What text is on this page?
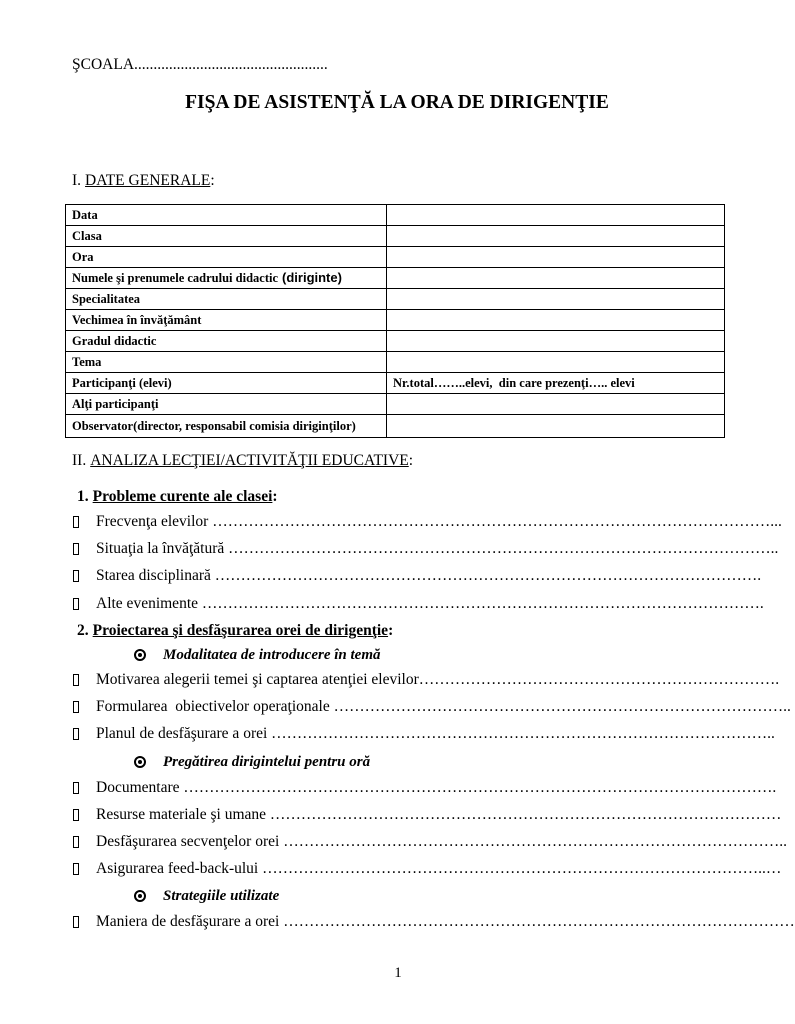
ŞCOALA..................................................
FIŞA DE ASISTENŢĂ LA ORA DE DIRIGENŢIE
I. DATE GENERALE:
Data	
Clasa	
Ora	
Numele şi prenumele cadrului didactic (diriginte)	
Specialitatea	
Vechimea în învăţământ	
Gradul didactic	
Tema	
Participanţi (elevi)	Nr.total……..elevi,  din care prezenţi….. elevi
Alţi participanţi	
Observator(director, responsabil comisia diriginţilor)	
II. ANALIZA LECŢIEI/ACTIVITĂŢII EDUCATIVE:
1. Probleme curente ale clasei:
Frecvenţa elevilor ………………………………………………………………………………………………...
Situaţia la învăţătură ……………………………………………………………………………………………..
Starea disciplinară …………………………………………………………………………………………….
Alte evenimente ……………………………………………………………………………………………….
2. Proiectarea şi desfăşurarea orei de dirigenţie:
Modalitatea de introducere în temă
Motivarea alegerii temei şi captarea atenţiei elevilor …………………………………………………………….
Formularea  obiectivelor operaţionale ……………………………………………………………………………..
Planul de desfăşurare a orei ……………………………………………………………………………………..
Pregătirea dirigintelui pentru oră
Documentare …………………………………………………………………………………………………….
Resurse materiale şi umane ………………………………………………………………………………………
Desfăşurarea secvenţelor orei ……………………………………………………………………………………..
Asigurarea feed-back-ului ……………………………………………………………………………………..…
Strategiile utilizate
Maniera de desfăşurare a orei ………………………………………………………………………………………
1
